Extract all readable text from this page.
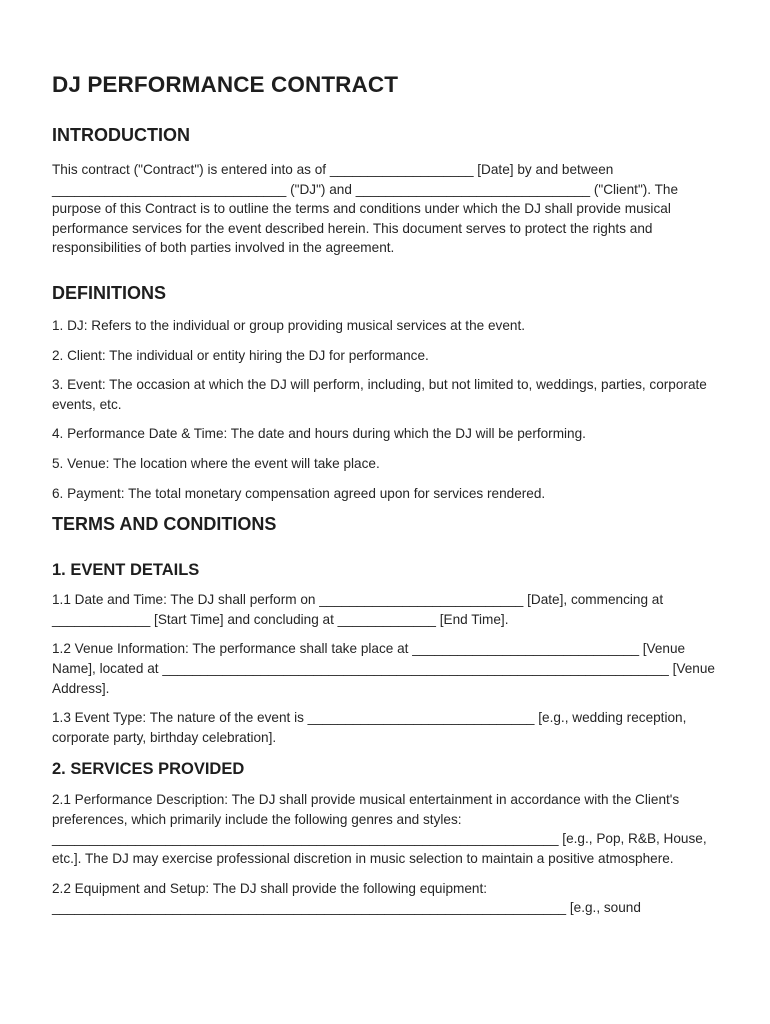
DJ PERFORMANCE CONTRACT
INTRODUCTION

This contract ("Contract") is entered into as of ___________________ [Date] by and between _______________________________ ("DJ") and _______________________________ ("Client"). The purpose of this Contract is to outline the terms and conditions under which the DJ shall provide musical performance services for the event described herein. This document serves to protect the rights and responsibilities of both parties involved in the agreement.

DEFINITIONS

1. DJ: Refers to the individual or group providing musical services at the event.

2. Client: The individual or entity hiring the DJ for performance.

3. Event: The occasion at which the DJ will perform, including, but not limited to, weddings, parties, corporate events, etc.

4. Performance Date & Time: The date and hours during which the DJ will be performing.

5. Venue: The location where the event will take place.

6. Payment: The total monetary compensation agreed upon for services rendered.

TERMS AND CONDITIONS
1. EVENT DETAILS

1.1 Date and Time: The DJ shall perform on ___________________________ [Date], commencing at _____________ [Start Time] and concluding at _____________ [End Time].

1.2 Venue Information: The performance shall take place at ______________________________ [Venue Name], located at ___________________________________________________________________ [Venue Address].

1.3 Event Type: The nature of the event is ______________________________ [e.g., wedding reception, corporate party, birthday celebration].

2. SERVICES PROVIDED

2.1 Performance Description: The DJ shall provide musical entertainment in accordance with the Client's preferences, which primarily include the following genres and styles: ___________________________________________________________________ [e.g., Pop, R&B, House, etc.]. The DJ may exercise professional discretion in music selection to maintain a positive atmosphere.

2.2 Equipment and Setup: The DJ shall provide the following equipment: ____________________________________________________________________ [e.g., sound
